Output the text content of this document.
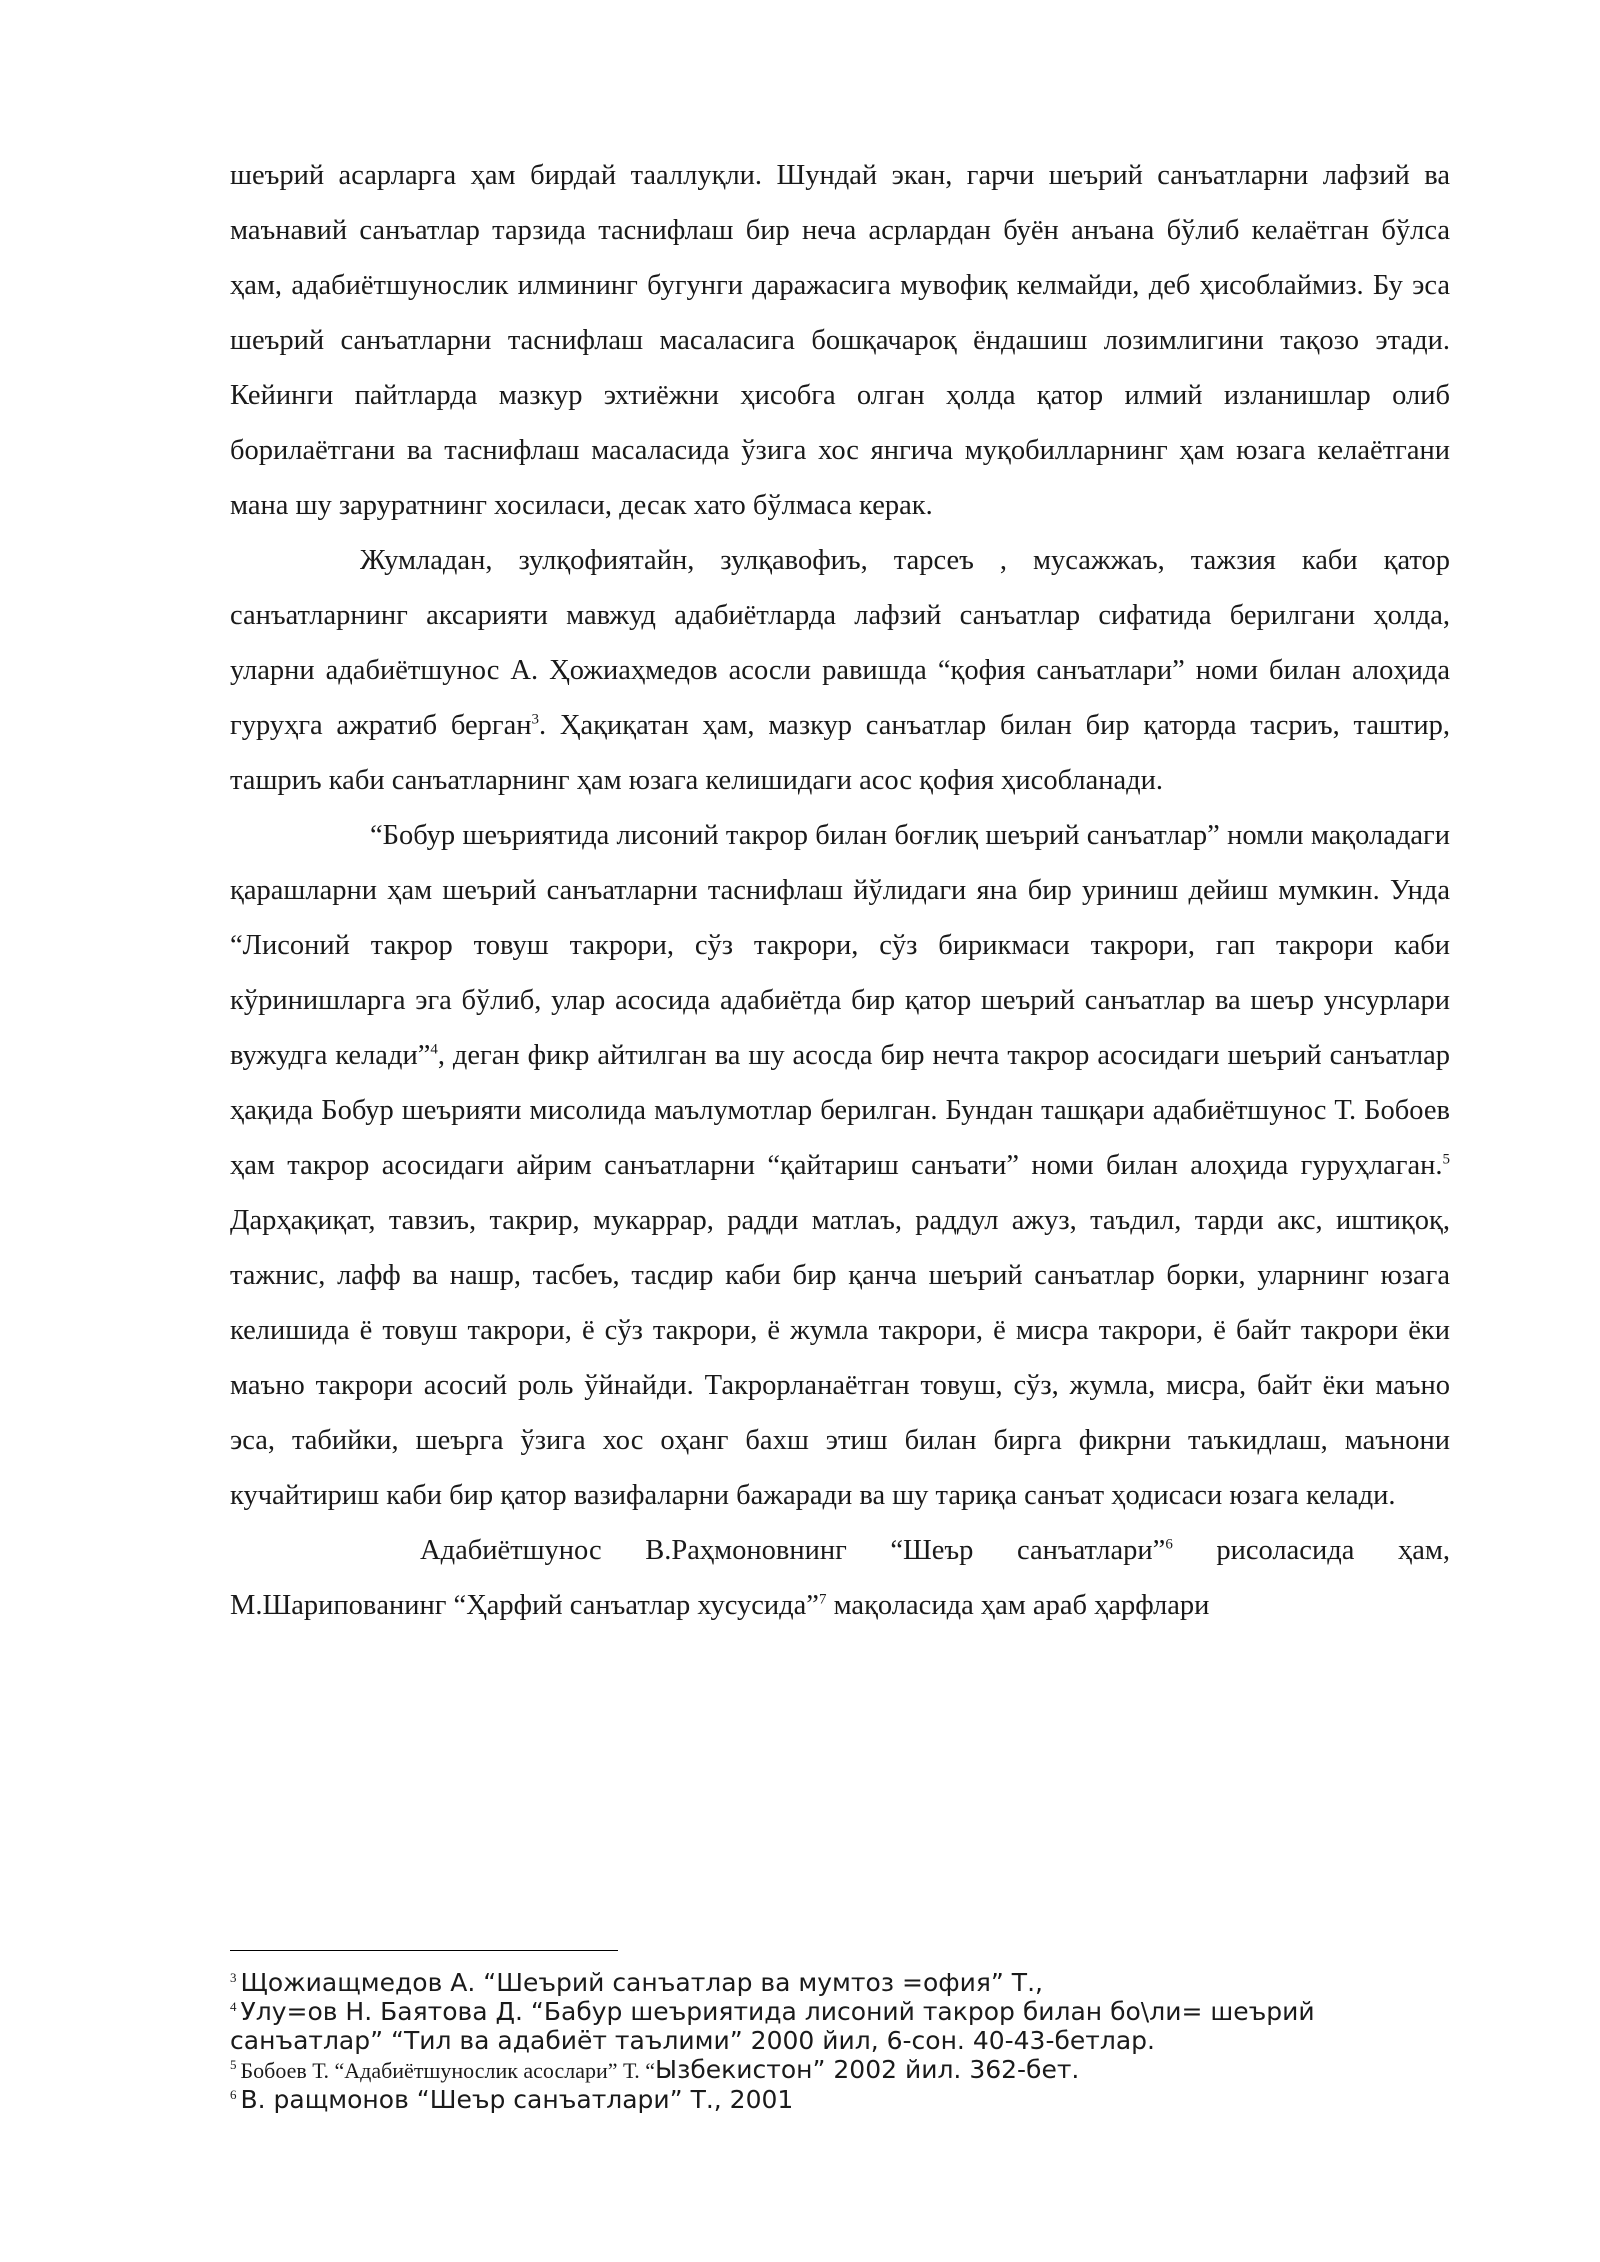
шеърий асарларга ҳам бирдай тааллуқли. Шундай экан, гарчи шеърий санъатларни лафзий ва маънавий санъатлар тарзида таснифлаш бир неча асрлардан буён анъана бўлиб келаётган бўлса ҳам, адабиётшунослик илмининг бугунги даражасига мувофиқ келмайди, деб ҳисоблаймиз. Бу эса шеърий санъатларни таснифлаш масаласига бошқачароқ ёндашиш лозимлигини тақозо этади. Кейинги пайтларда мазкур эхтиёжни ҳисобга олган ҳолда қатор илмий изланишлар олиб борилаётгани ва таснифлаш масаласида ўзига хос янгича муқобилларнинг ҳам юзага келаётгани мана шу заруратнинг хосиласи, десак хато бўлмаса керак.

Жумладан, зулқофиятайн, зулқавофиъ, тарсеъ , мусажжаъ, тажзия каби қатор санъатларнинг аксарияти мавжуд адабиётларда лафзий санъатлар сифатида берилгани ҳолда, уларни адабиётшунос А. Ҳожиаҳмедов асосли равишда “қофия санъатлари” номи билан алоҳида гуруҳга ажратиб берган$^3$. Ҳақиқатан ҳам, мазкур санъатлар билан бир қаторда тасриъ, таштир, ташриъ каби санъатларнинг ҳам юзага келишидаги асос қофия ҳисобланади.

“Бобур шеъриятида лисоний такрор билан боғлиқ шеърий санъатлар” номли мақоладаги қарашларни ҳам шеърий санъатларни таснифлаш йўлидаги яна бир уриниш дейиш мумкин. Унда “Лисоний такрор товуш такрори, сўз такрори, сўз бирикмаси такрори, гап такрори каби кўринишларга эга бўлиб, улар асосида адабиётда бир қатор шеърий санъатлар ва шеър унсурлари вужудга келади”$^4$, деган фикр айтилган ва шу асосда бир нечта такрор асосидаги шеърий санъатлар ҳақида Бобур шеърияти мисолида маълумотлар берилган. Бундан ташқари адабиётшунос Т. Бобоев ҳам такрор асосидаги айрим санъатларни “қайтариш санъати” номи билан алоҳида гуруҳлаган.$^5$ Дарҳақиқат, тавзиъ, такрир, мукаррар, радди матлаъ, раддул ажуз, таъдил, тарди акс, иштиқоқ, тажнис, лафф ва нашр, тасбеъ, тасдир каби бир қанча шеърий санъатлар борки, уларнинг юзага келишида ё товуш такрори, ё сўз такрори, ё жумла такрори, ё мисра такрори, ё байт такрори ёки маъно такрори асосий роль ўйнайди. Такрорланаётган товуш, сўз, жумла, мисра, байт ёки маъно эса, табийки, шеърга ўзига хос оҳанг бахш этиш билан бирга фикрни таъкидлаш, маънони кучайтириш каби бир қатор вазифаларни бажаради ва шу тариқа санъат ҳодисаси юзага келади.

Адабиётшунос В.Раҳмоновнинг “Шеър санъатлари”$^6$ рисоласида ҳам, М.Шариповaнинг “Ҳарфий санъатлар хусусида”$^7$ мақоласида ҳам араб ҳарфлари

$^3$ Щожиащмедов А. “Шеърий санъатлар ва мумтоз =офия” Т.,

$^4$ Улу=ов Н. Баятова Д. “Бабур шеъриятида лисоний такрор билан бо\ли= шеърий санъатлар” “Тил ва адабиёт таълими” 2000 йил, 6-сон. 40-43-бетлар.

$^5$ Бобоев Т. “Адабиётшунослик асослари” Т. “Ызбекистон” 2002 йил. 362-бет.

$^6$ В. ращмонов “Шеър санъатлари” Т., 2001
